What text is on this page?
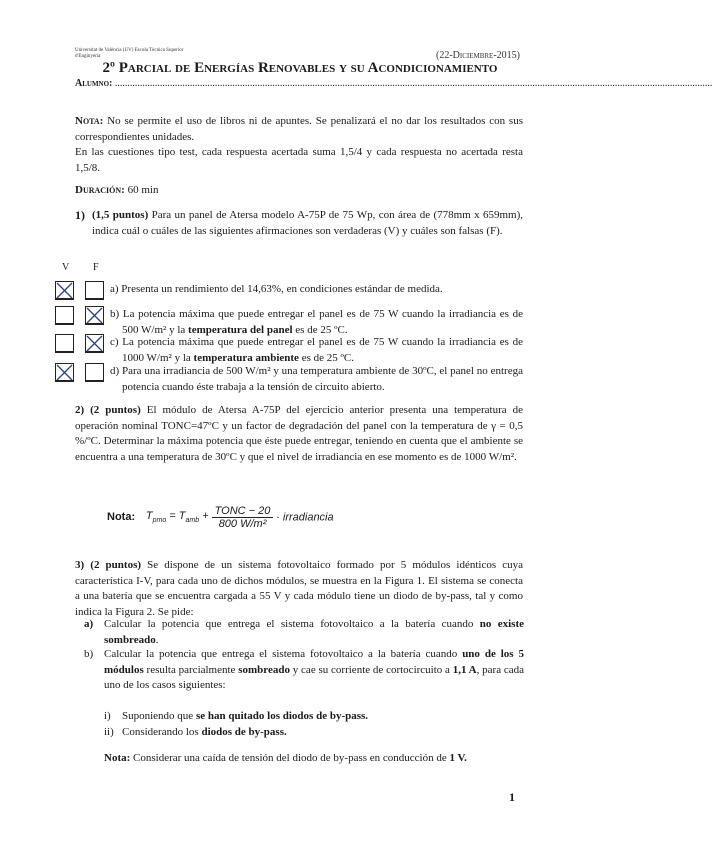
Universitat de València (UV) Escola Tècnica Superior d'Enginyeria	(22-Diciembre-2015)
2º Parcial de Energías Renovables y su Acondicionamiento
Alumno: ...............................................................................................................................................................................................................................................
Nota: No se permite el uso de libros ni de apuntes. Se penalizará el no dar los resultados con sus correspondientes unidades.
En las cuestiones tipo test, cada respuesta acertada suma 1,5/4 y cada respuesta no acertada resta 1,5/8.
Duración: 60 min
1) (1,5 puntos) Para un panel de Atersa modelo A-75P de 75 Wp, con área de (778mm x 659mm), indica cuál o cuáles de las siguientes afirmaciones son verdaderas (V) y cuáles son falsas (F).
V F
2) (2 puntos) El módulo de Atersa A-75P del ejercicio anterior presenta una temperatura de operación nominal TONC=47ºC y un factor de degradación del panel con la temperatura de γ = 0,5 %/ºC. Determinar la máxima potencia que éste puede entregar, teniendo en cuenta que el ambiente se encuentra a una temperatura de 30ºC y que el nivel de irradiancia en ese momento es de 1000 W/m².
Nota: $T_{pmo} = T_{amb} + \frac{\text{TONC − 20}}{\text{800 W/m²}}$ · irradiancia
3) (2 puntos) Se dispone de un sistema fotovoltaico formado por 5 módulos idénticos cuya característica I-V, para cada uno de dichos módulos, se muestra en la Figura 1. El sistema se conecta a una batería que se encuentra cargada a 55 V y cada módulo tiene un diodo de by-pass, tal y como indica la Figura 2. Se pide:
Nota: Considerar una caída de tensión del diodo de by-pass en conducción de 1 V.
1
a) Presenta un rendimiento del 14,63%, en condiciones estándar de medida.
b) La potencia máxima que puede entregar el panel es de 75 W cuando la irradiancia es de 500 W/m² y la temperatura del panel es de 25 ºC.
c) La potencia máxima que puede entregar el panel es de 75 W cuando la irradiancia es de 1000 W/m² y la temperatura ambiente es de 25 ºC.
d) Para una irradiancia de 500 W/m² y una temperatura ambiente de 30ºC, el panel no entrega potencia cuando éste trabaja a la tensión de circuito abierto.
a) Calcular la potencia que entrega el sistema fotovoltaico a la batería cuando no existe sombreado.
b) Calcular la potencia que entrega el sistema fotovoltaico a la batería cuando uno de los 5 módulos resulta parcialmente sombreado y cae su corriente de cortocircuito a 1,1 A, para cada uno de los casos siguientes:
i) Suponiendo que se han quitado los diodos de by-pass.
ii) Considerando los diodos de by-pass.
